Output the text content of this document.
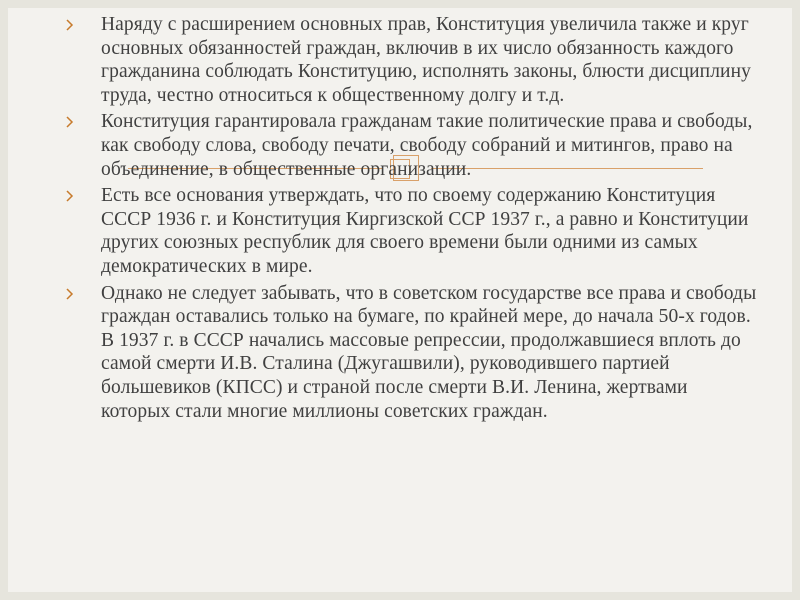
Наряду с расширением основных прав, Конституция увеличила также и круг основных обязанностей граждан, включив в их число обязанность каждого гражданина соблюдать Конституцию, исполнять законы, блюсти дисциплину труда, честно относиться к общественному долгу и т.д.
Конституция гарантировала гражданам такие политические права и свободы, как свободу слова, свободу печати, свободу собраний и митингов, право на объединение, в общественные организации.
Есть все основания утверждать, что по своему содержанию Конституция СССР 1936 г. и Конституция Киргизской ССР 1937 г., а равно и Конституции других союзных республик для своего времени были одними из самых демократических в мире.
Однако не следует забывать, что в советском государстве все права и свободы граждан оставались только на бумаге, по крайней мере, до начала 50-х годов. В 1937 г. в СССР начались массовые репрессии, продолжавшиеся вплоть до самой смерти И.В. Сталина (Джугашвили), руководившего партией большевиков (КПСС) и страной после смерти В.И. Ленина, жертвами которых стали многие миллионы советских граждан.
